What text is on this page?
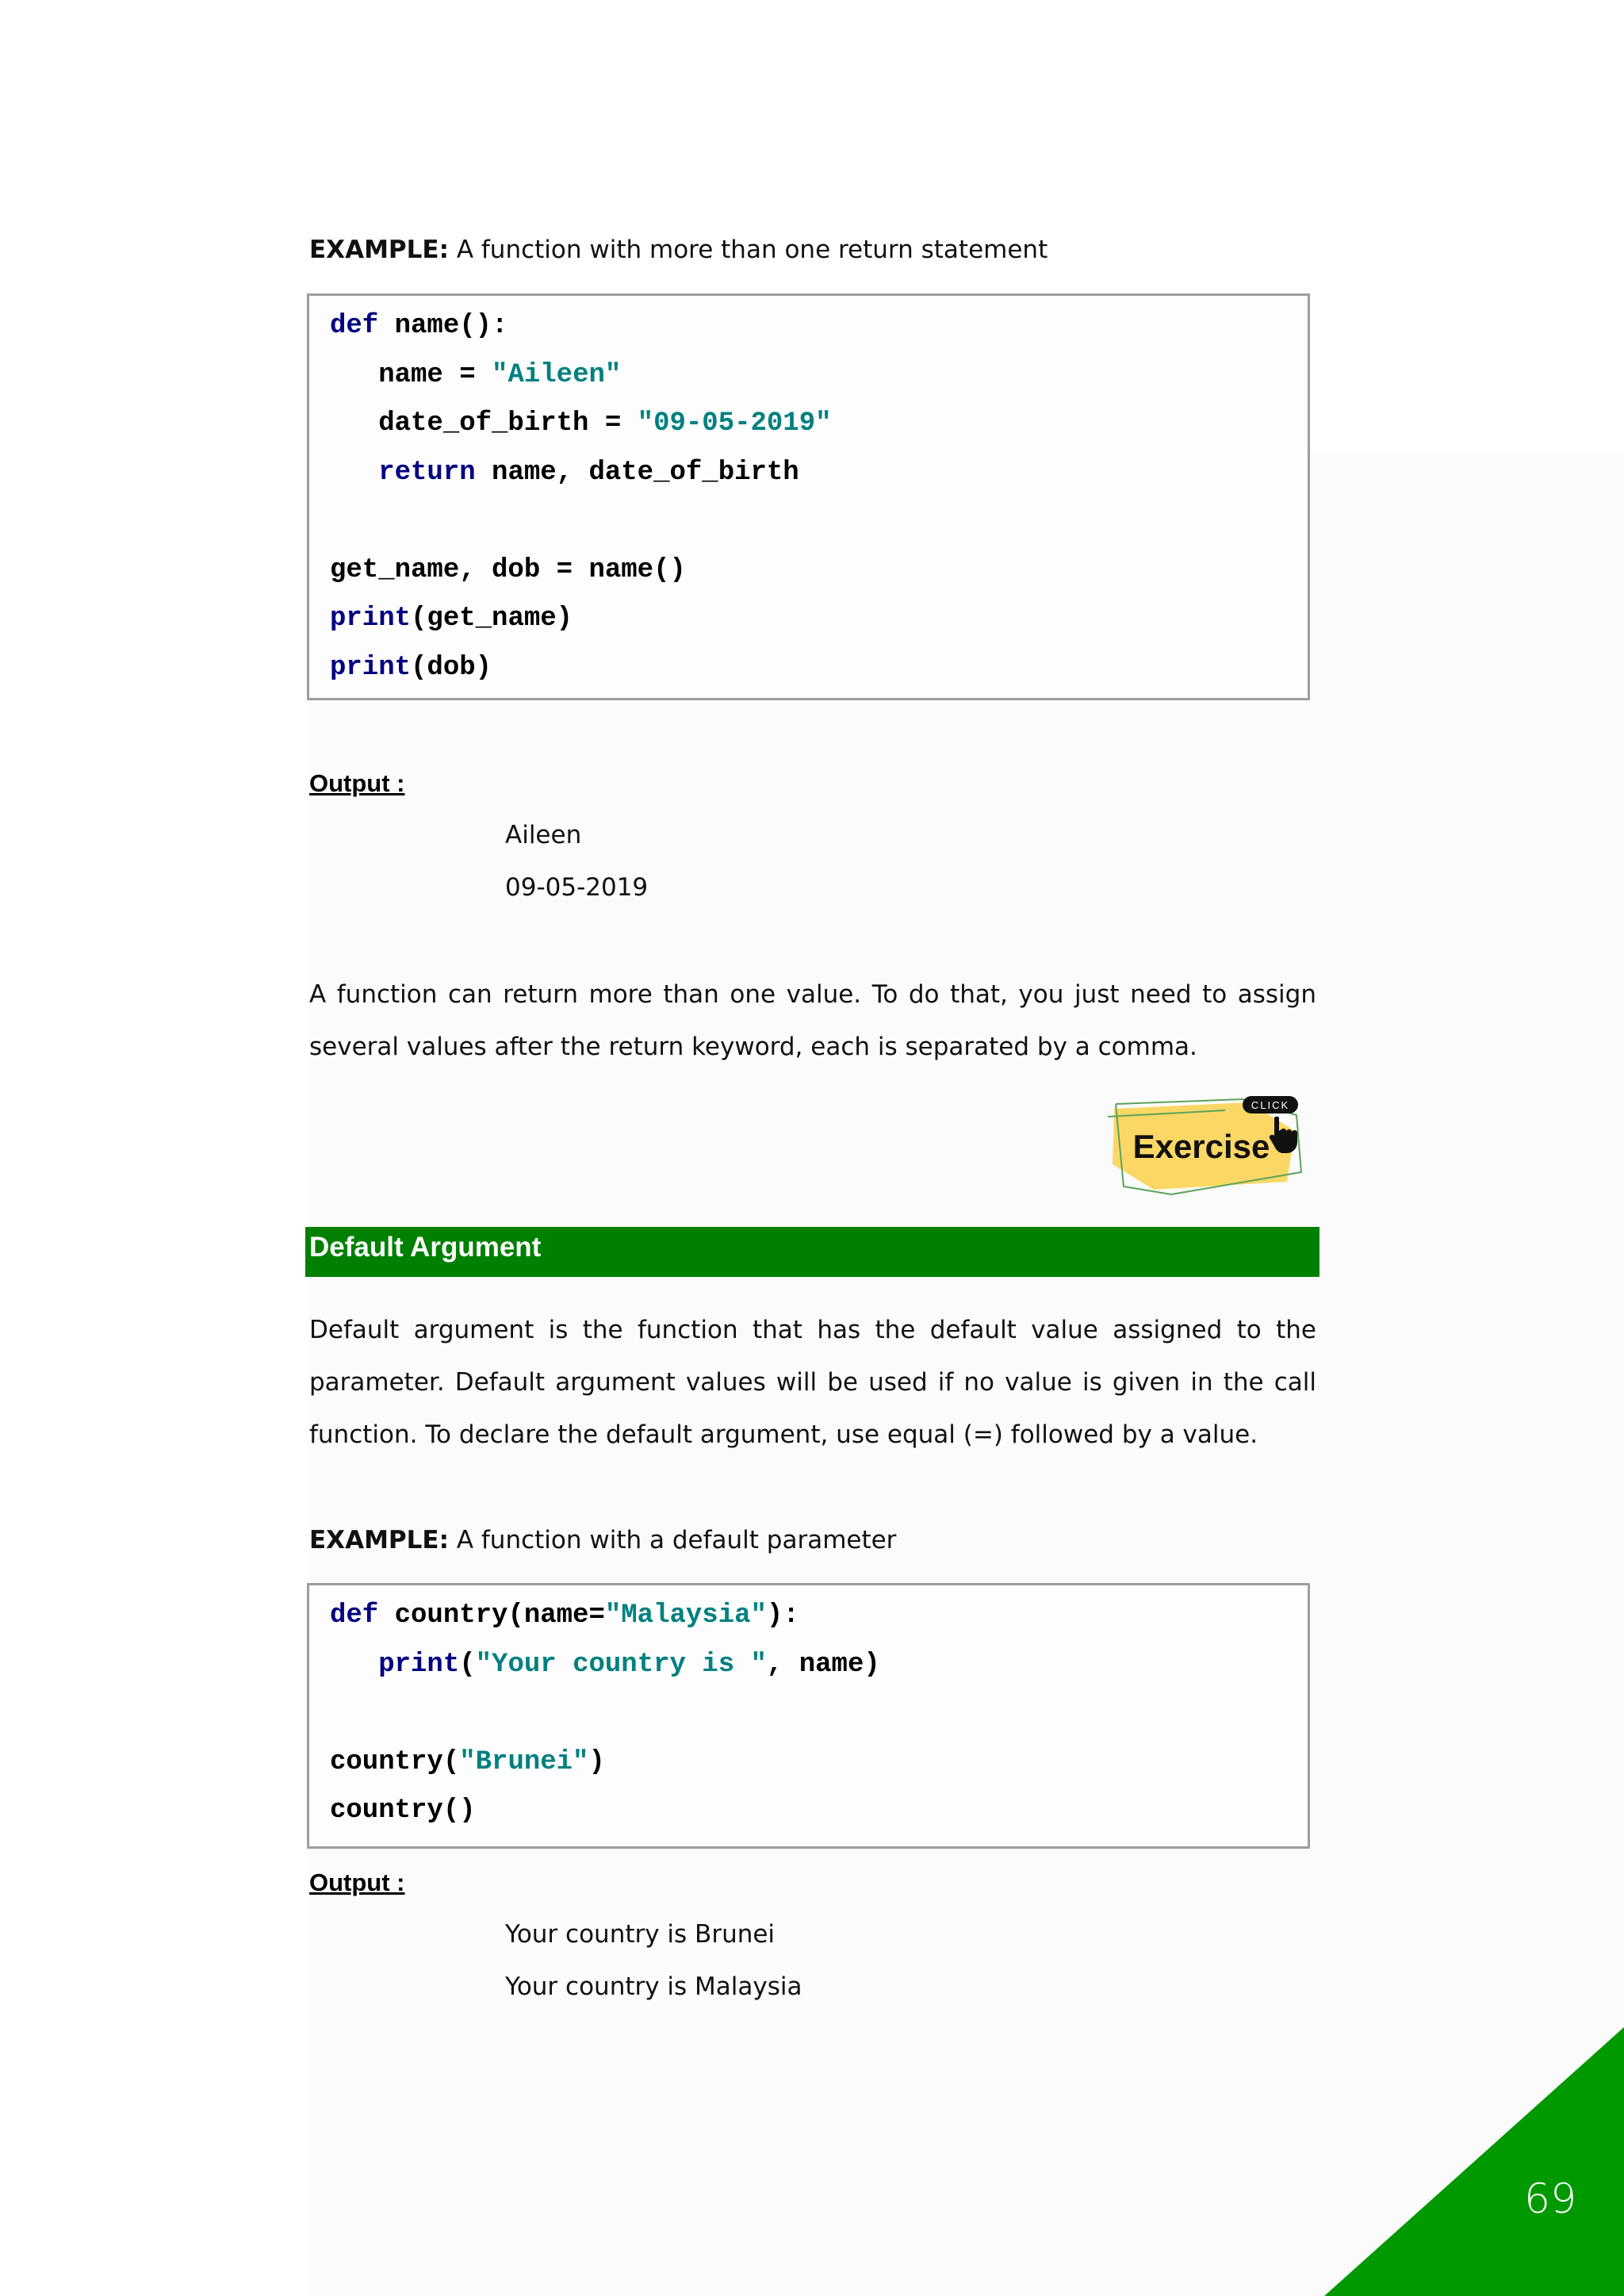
EXAMPLE: A function with more than one return statement
def name():
name = "Aileen"
date_of_birth = "09-05-2019"
return name, date_of_birth

get_name, dob = name()
print(get_name)
print(dob)
Output :
Aileen
09-05-2019
A function can return more than one value. To do that, you just need to assign several values after the return keyword, each is separated by a comma.
CLICK
Exercise
Default Argument
Default argument is the function that has the default value assigned to the parameter. Default argument values will be used if no value is given in the call function. To declare the default argument, use equal (=) followed by a value.
EXAMPLE: A function with a default parameter
def country(name="Malaysia"):
print("Your country is ", name)

country("Brunei")
country()
Output :
Your country is Brunei
Your country is Malaysia
69
